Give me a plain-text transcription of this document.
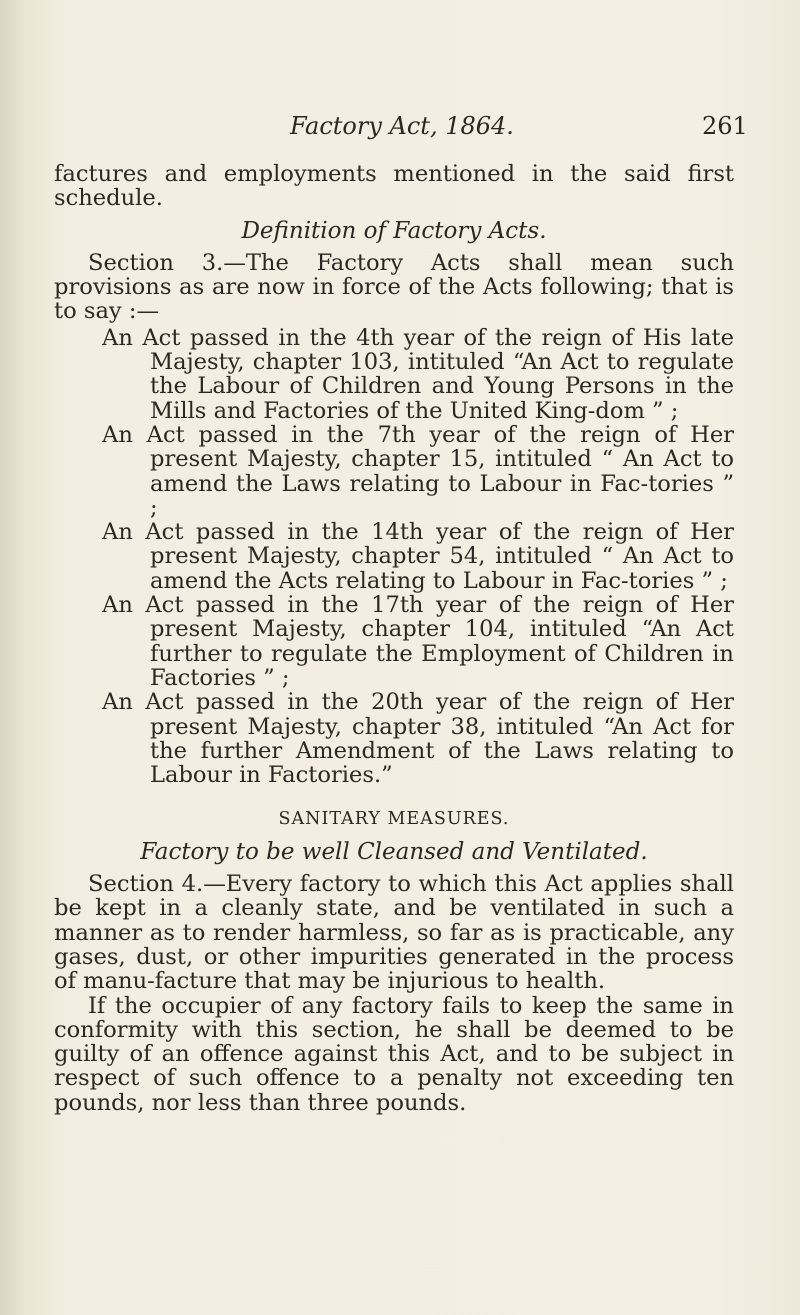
Factory Act, 1864.	261

factures and employments mentioned in the said first schedule.

Definition of Factory Acts.

Section 3.—The Factory Acts shall mean such provisions as are now in force of the Acts following; that is to say :—

An Act passed in the 4th year of the reign of His late Majesty, chapter 103, intituled “An Act to regulate the Labour of Children and Young Persons in the Mills and Factories of the United King-dom ” ;
An Act passed in the 7th year of the reign of Her present Majesty, chapter 15, intituled “ An Act to amend the Laws relating to Labour in Fac-tories ” ;
An Act passed in the 14th year of the reign of Her present Majesty, chapter 54, intituled “ An Act to amend the Acts relating to Labour in Fac-tories ” ;
An Act passed in the 17th year of the reign of Her present Majesty, chapter 104, intituled “An Act further to regulate the Employment of Children in Factories ” ;
An Act passed in the 20th year of the reign of Her present Majesty, chapter 38, intituled “An Act for the further Amendment of the Laws relating to Labour in Factories.”

SANITARY MEASURES.

Factory to be well Cleansed and Ventilated.

Section 4.—Every factory to which this Act applies shall be kept in a cleanly state, and be ventilated in such a manner as to render harmless, so far as is practicable, any gases, dust, or other impurities generated in the process of manu-facture that may be injurious to health.

If the occupier of any factory fails to keep the same in conformity with this section, he shall be deemed to be guilty of an offence against this Act, and to be subject in respect of such offence to a penalty not exceeding ten pounds, nor less than three pounds.
